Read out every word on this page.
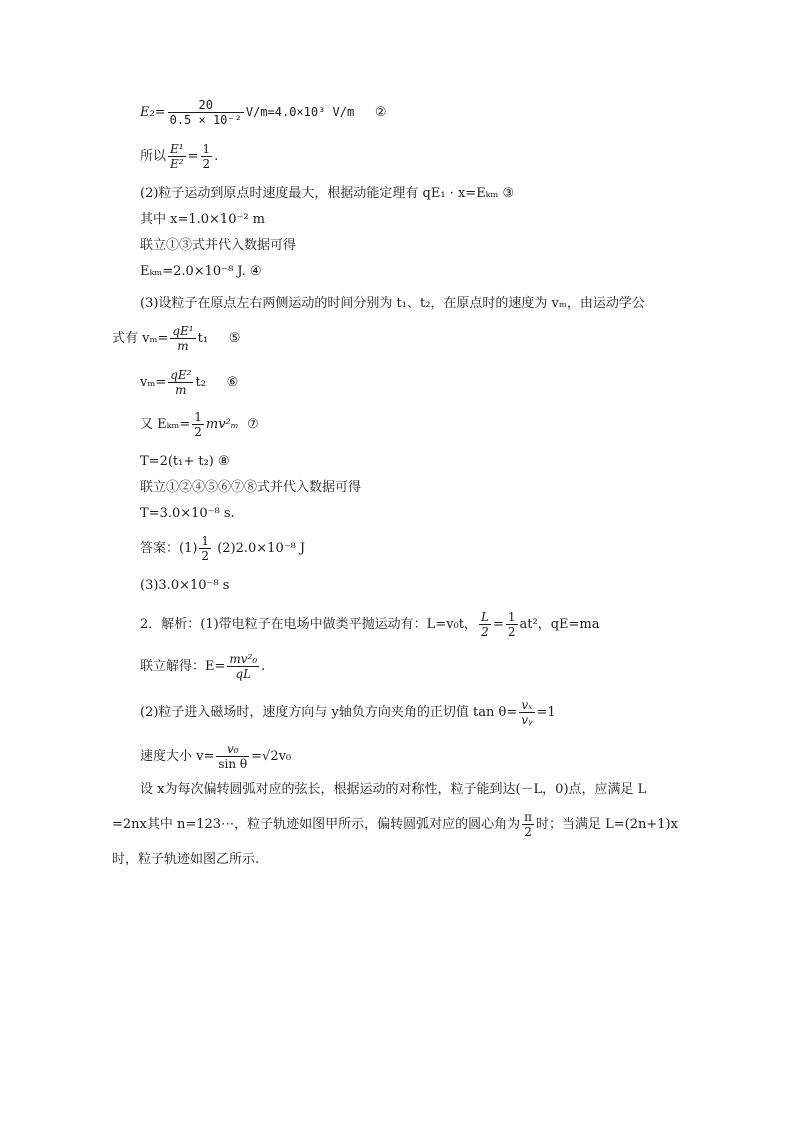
$E_2= \frac{20}{\text{0.5 × 10⁻²}} V/m=4.0\times 10^3$ V/m ②
所以 $\frac{\text{E¹}}{\text{E²}} = \frac{1}{2}$ .
(2)粒子运动到原点时速度最大，根据动能定理有 qE₁ · x=Eₖₘ ③
其中 x=1.0×10⁻² m
联立①③式并代入数据可得
Eₖₘ=2.0×10⁻⁸ J. ④
(3)设粒子在原点左右两侧运动的时间分别为 t₁、t₂，在原点时的速度为 vₘ，由运动学公
式有 $v_m= \frac{\text{qE¹}}{m} t_1$ ⑤
$v_m= \frac{\text{qE²}}{m} t_2$ ⑥
又 $E_{km}= \frac{1}{2} mv^2_m$ ⑦
T=2(t₁+ t₂) ⑧
联立①②④⑤⑥⑦⑧式并代入数据可得
T=3.0×10⁻⁸ s.
答案：$(1) \frac{1}{2} (2)2.0\times 10^{-8}$ J
(3)3.0×10⁻⁸ s
2．解析：(1)带电粒子在电场中做类平抛运动有：L=v₀t， $\frac{L}{2} = \frac{1}{2} at^2$，qE=ma
联立解得：$E= \frac{\text{mv²₀}}{qL}$ .
(2)粒子进入磁场时，速度方向与 y轴负方向夹角的正切值 $\tan \theta= \frac{\text{vₓ}}{\text{vᵧ}} =1$
速度大小 $v= \frac{\text{v₀}}{\text{sin θ}} =√2v_0$
设 x为每次偏转圆弧对应的弦长，根据运动的对称性，粒子能到达(－L，0)点，应满足 L
=2nx其中 n=123⋯，粒子轨迹如图甲所示，偏转圆弧对应的圆心角为 $\frac{\pi}{2}$ 时；当满足 L=(2n+1)x
时，粒子轨迹如图乙所示.
